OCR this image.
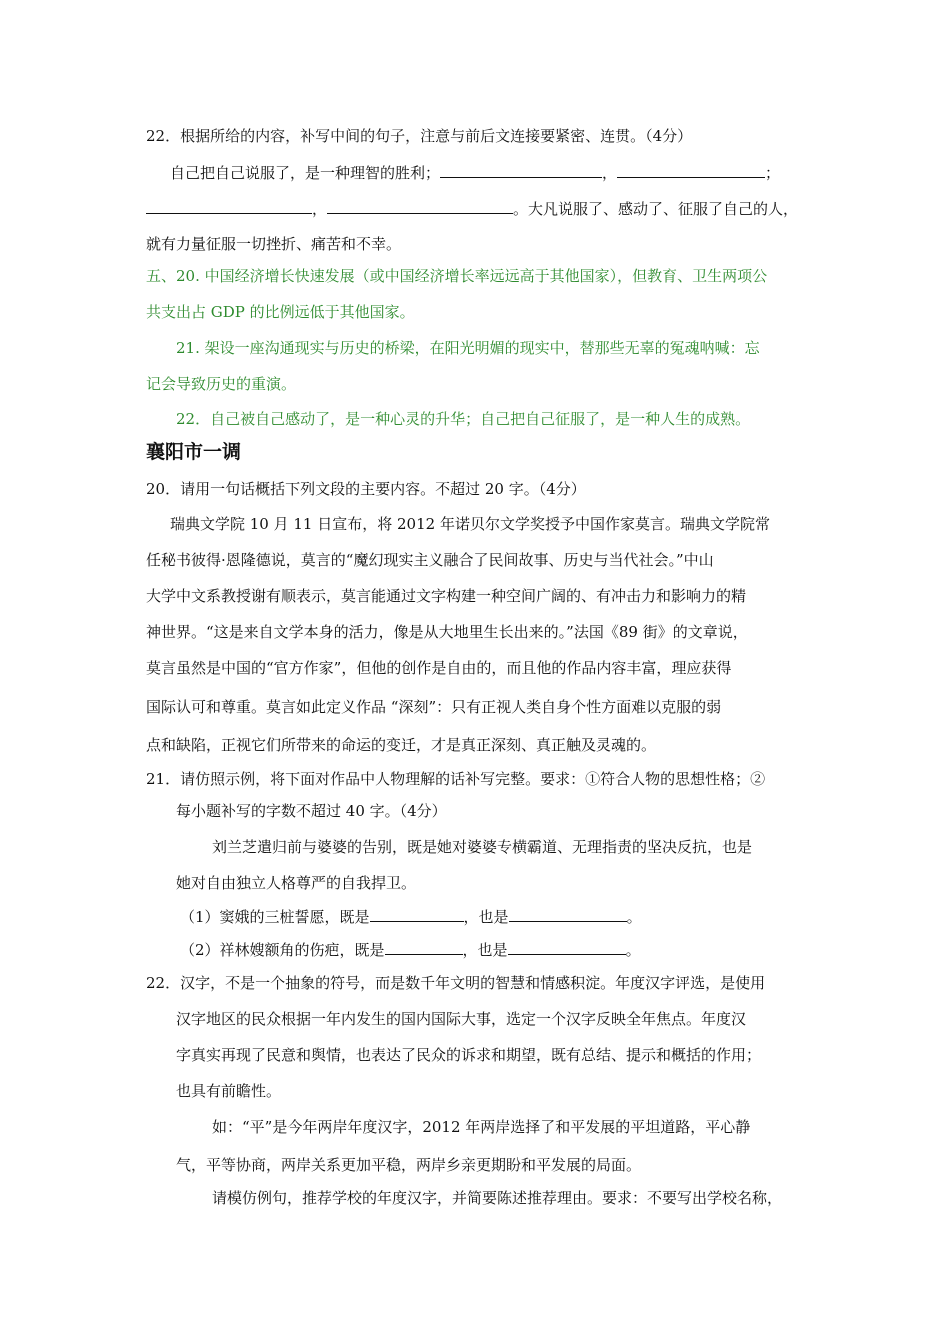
22．根据所给的内容，补写中间的句子，注意与前后文连接要紧密、连贯。（4分）
自己把自己说服了，是一种理智的胜利；	，	；
，	。大凡说服了、感动了、征服了自己的人，
就有力量征服一切挫折、痛苦和不幸。
五、20. 中国经济增长快速发展（或中国经济增长率远远高于其他国家），但教育、卫生两项公
共支出占 GDP 的比例远低于其他国家。
21. 架设一座沟通现实与历史的桥梁，在阳光明媚的现实中，替那些无辜的冤魂呐喊：忘
记会导致历史的重演。
22．自己被自己感动了，是一种心灵的升华；自己把自己征服了，是一种人生的成熟。
襄阳市一调
20．请用一句话概括下列文段的主要内容。不超过 20 字。（4分）
瑞典文学院 10 月 11 日宣布，将 2012 年诺贝尔文学奖授予中国作家莫言。瑞典文学院常
任秘书彼得·恩隆德说，莫言的“魔幻现实主义融合了民间故事、历史与当代社会。”中山
大学中文系教授谢有顺表示，莫言能通过文字构建一种空间广阔的、有冲击力和影响力的精
神世界。“这是来自文学本身的活力，像是从大地里生长出来的。”法国《89 街》的文章说，
莫言虽然是中国的“官方作家”，但他的创作是自由的，而且他的作品内容丰富，理应获得
国际认可和尊重。莫言如此定义作品 “深刻”：只有正视人类自身个性方面难以克服的弱
点和缺陷，正视它们所带来的命运的变迁，才是真正深刻、真正触及灵魂的。
21．请仿照示例，将下面对作品中人物理解的话补写完整。要求：①符合人物的思想性格；②
每小题补写的字数不超过 40 字。（4分）
刘兰芝遣归前与婆婆的告别，既是她对婆婆专横霸道、无理指责的坚决反抗，也是
她对自由独立人格尊严的自我捍卫。
（1）窦娥的三桩誓愿，既是	，也是	。
（2）祥林嫂额角的伤疤，既是	，也是	。
22．汉字，不是一个抽象的符号，而是数千年文明的智慧和情感积淀。年度汉字评选，是使用
汉字地区的民众根据一年内发生的国内国际大事，选定一个汉字反映全年焦点。年度汉
字真实再现了民意和舆情，也表达了民众的诉求和期望，既有总结、提示和概括的作用；
也具有前瞻性。
如：“平”是今年两岸年度汉字，2012 年两岸选择了和平发展的平坦道路，平心静
气，平等协商，两岸关系更加平稳，两岸乡亲更期盼和平发展的局面。
请模仿例句，推荐学校的年度汉字，并简要陈述推荐理由。要求：不要写出学校名称，
